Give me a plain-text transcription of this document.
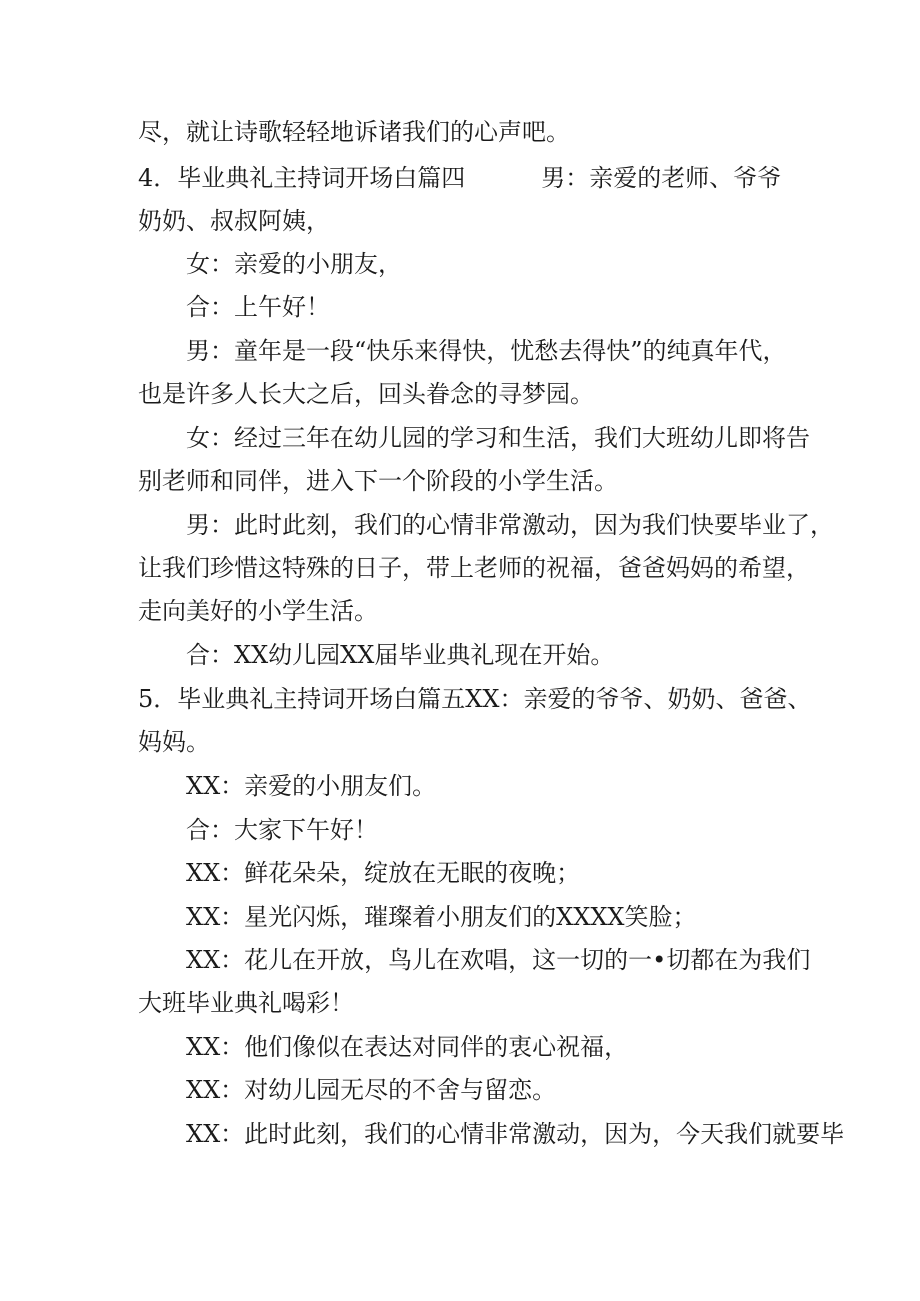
尽，就让诗歌轻轻地诉诸我们的心声吧。
4．毕业典礼主持词开场白篇四	男：亲爱的老师、爷爷
奶奶、叔叔阿姨，
女：亲爱的小朋友，
合：上午好！
男：童年是一段“快乐来得快，忧愁去得快”的纯真年代，
也是许多人长大之后，回头眷念的寻梦园。
女：经过三年在幼儿园的学习和生活，我们大班幼儿即将告
别老师和同伴，进入下一个阶段的小学生活。
男：此时此刻，我们的心情非常激动，因为我们快要毕业了，
让我们珍惜这特殊的日子，带上老师的祝福，爸爸妈妈的希望，
走向美好的小学生活。
合：XX幼儿园XX届毕业典礼现在开始。
5．毕业典礼主持词开场白篇五XX：亲爱的爷爷、奶奶、爸爸、
妈妈。
XX：亲爱的小朋友们。
合：大家下午好！
XX：鲜花朵朵，绽放在无眠的夜晚；
XX：星光闪烁，璀璨着小朋友们的XXXX笑脸；
XX：花儿在开放，鸟儿在欢唱，这一切的一•切都在为我们
大班毕业典礼喝彩！
XX：他们像似在表达对同伴的衷心祝福，
XX：对幼儿园无尽的不舍与留恋。
XX：此时此刻，我们的心情非常激动，因为，今天我们就要毕
